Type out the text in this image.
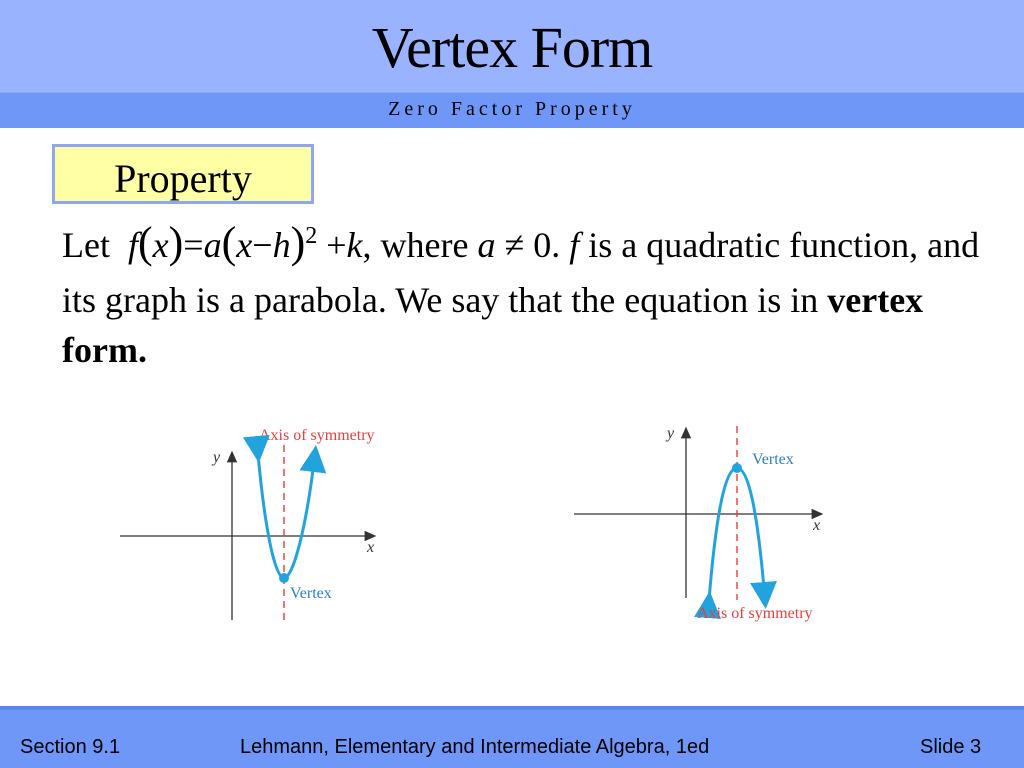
Vertex Form
Zero Factor Property
Property
Let $f(x)=a(x-h)^2 +k$, where a ≠ 0. f is a quadratic function, and its graph is a parabola. We say that the equation is in vertex form.
x
y
Axis of symmetry
Vertex
x
y
Vertex
Axis of symmetry
Section 9.1	Lehmann, Elementary and Intermediate Algebra, 1ed	Slide 3
